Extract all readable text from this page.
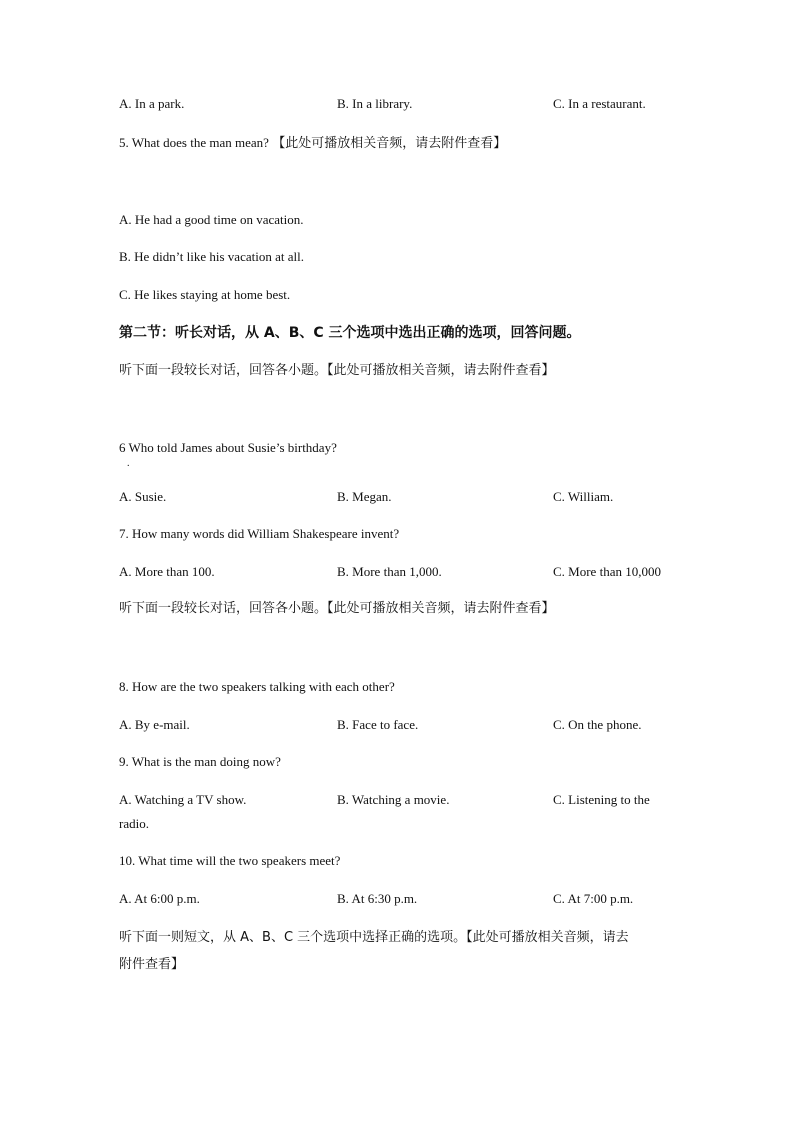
A. In a park.	B. In a library.	C. In a restaurant.
5. What does the man mean? 【此处可播放相关音频，请去附件查看】
A. He had a good time on vacation.
B. He didn’t like his vacation at all.
C. He likes staying at home best.
第二节：听长对话，从 A、B、C 三个选项中选出正确的选项，回答问题。
听下面一段较长对话，回答各小题。【此处可播放相关音频，请去附件查看】
6 Who told James about Susie’s birthday?
.
A. Susie.	B. Megan.	C. William.
7. How many words did William Shakespeare invent?
A. More than 100.	B. More than 1,000.	C. More than 10,000
听下面一段较长对话，回答各小题。【此处可播放相关音频，请去附件查看】
8. How are the two speakers talking with each other?
A. By e-mail.	B. Face to face.	C. On the phone.
9. What is the man doing now?
A. Watching a TV show.	B. Watching a movie.	C. Listening to the
radio.
10. What time will the two speakers meet?
A. At 6:00 p.m.	B. At 6:30 p.m.	C. At 7:00 p.m.
听下面一则短文，从 A、B、C 三个选项中选择正确的选项。【此处可播放相关音频，请去
附件查看】
